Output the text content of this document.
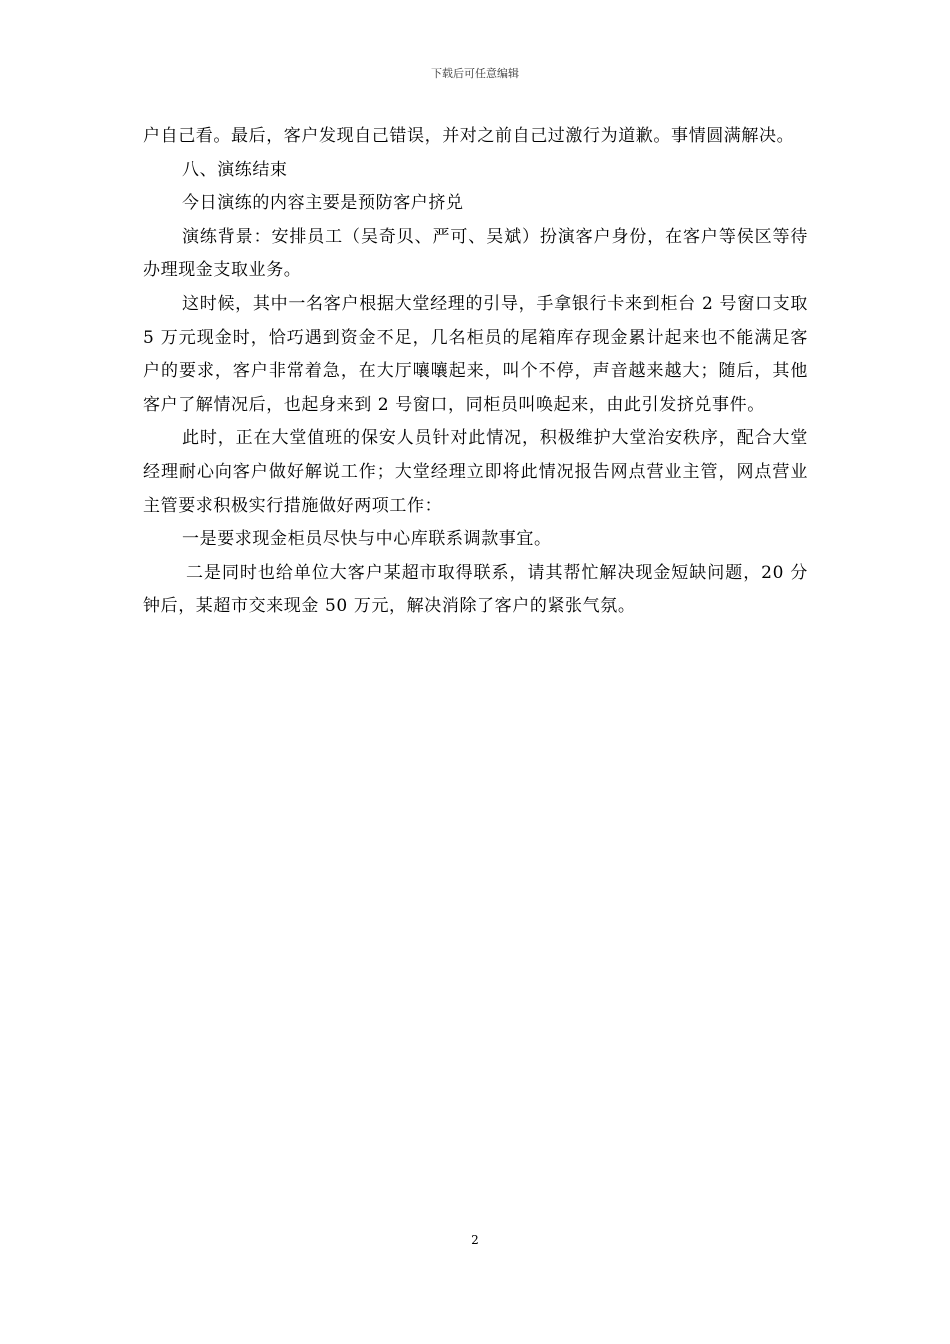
下载后可任意编辑

户自己看。最后，客户发现自己错误，并对之前自己过激行为道歉。事情圆满解决。

八、演练结束

今日演练的内容主要是预防客户挤兑

演练背景：安排员工（吴奇贝、严可、吴斌）扮演客户身份，在客户等侯区等待办理现金支取业务。

这时候，其中一名客户根据大堂经理的引导，手拿银行卡来到柜台 2 号窗口支取 5 万元现金时，恰巧遇到资金不足，几名柜员的尾箱库存现金累计起来也不能满足客户的要求，客户非常着急，在大厅嚷嚷起来，叫个不停，声音越来越大；随后，其他客户了解情况后，也起身来到 2 号窗口，同柜员叫唤起来，由此引发挤兑事件。

此时，正在大堂值班的保安人员针对此情况，积极维护大堂治安秩序，配合大堂经理耐心向客户做好解说工作；大堂经理立即将此情况报告网点营业主管，网点营业主管要求积极实行措施做好两项工作：

一是要求现金柜员尽快与中心库联系调款事宜。

二是同时也给单位大客户某超市取得联系，请其帮忙解决现金短缺问题，20 分钟后，某超市交来现金 50 万元，解决消除了客户的紧张气氛。

2
